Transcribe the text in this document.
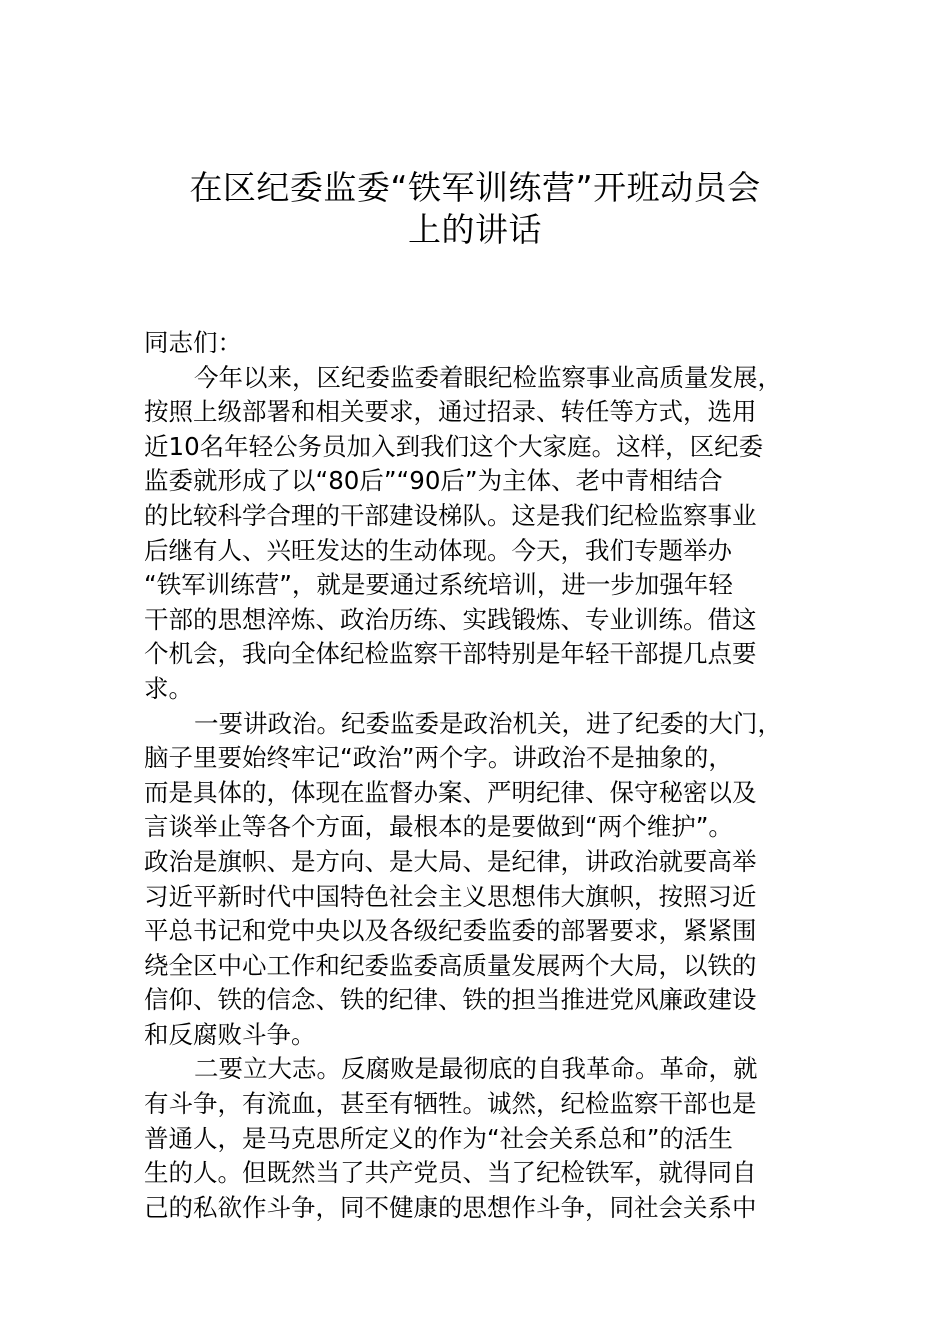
在区纪委监委“铁军训练营”开班动员会
上的讲话
同志们：
今年以来，区纪委监委着眼纪检监察事业高质量发展，
按照上级部署和相关要求，通过招录、转任等方式，选用
近10名年轻公务员加入到我们这个大家庭。这样，区纪委
监委就形成了以“80后”“90后”为主体、老中青相结合
的比较科学合理的干部建设梯队。这是我们纪检监察事业
后继有人、兴旺发达的生动体现。今天，我们专题举办
“铁军训练营”，就是要通过系统培训，进一步加强年轻
干部的思想淬炼、政治历练、实践锻炼、专业训练。借这
个机会，我向全体纪检监察干部特别是年轻干部提几点要
求。
一要讲政治。纪委监委是政治机关，进了纪委的大门，
脑子里要始终牢记“政治”两个字。讲政治不是抽象的，
而是具体的，体现在监督办案、严明纪律、保守秘密以及
言谈举止等各个方面，最根本的是要做到“两个维护”。
政治是旗帜、是方向、是大局、是纪律，讲政治就要高举
习近平新时代中国特色社会主义思想伟大旗帜，按照习近
平总书记和党中央以及各级纪委监委的部署要求，紧紧围
绕全区中心工作和纪委监委高质量发展两个大局，以铁的
信仰、铁的信念、铁的纪律、铁的担当推进党风廉政建设
和反腐败斗争。
二要立大志。反腐败是最彻底的自我革命。革命，就
有斗争，有流血，甚至有牺牲。诚然，纪检监察干部也是
普通人，是马克思所定义的作为“社会关系总和”的活生
生的人。但既然当了共产党员、当了纪检铁军，就得同自
己的私欲作斗争，同不健康的思想作斗争，同社会关系中
